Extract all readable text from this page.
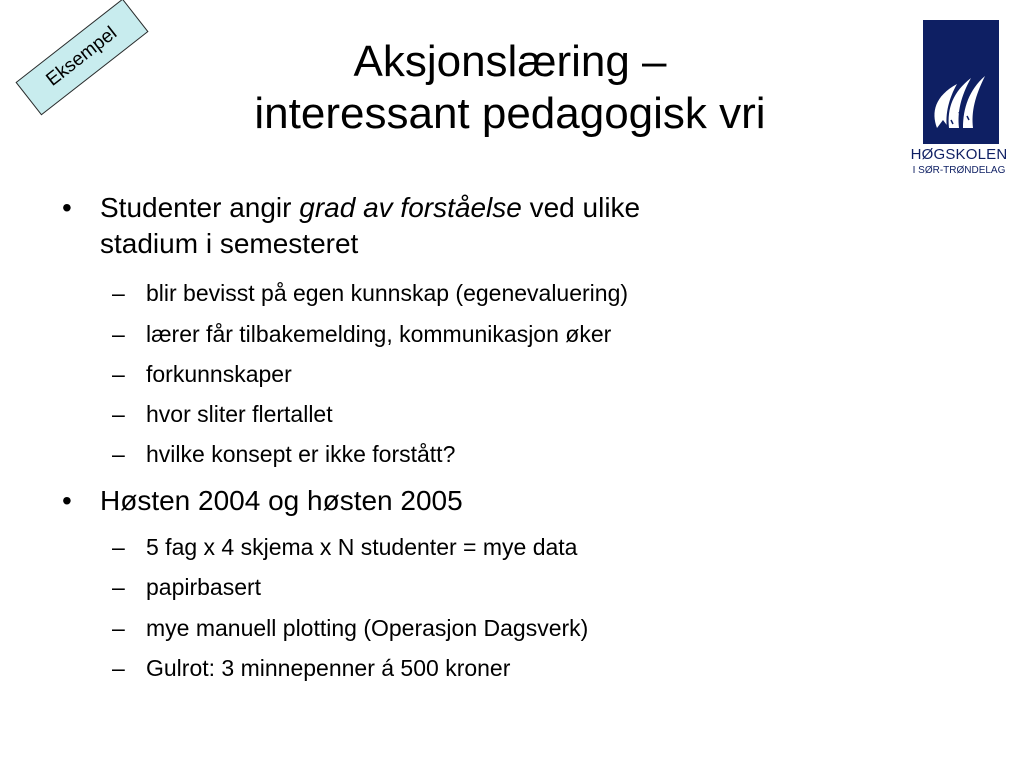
Eksempel	Aksjonslæring –
interessant pedagogisk vri
HØGSKOLEN
I SØR-TRØNDELAG
• Studenter angir grad av forståelse ved ulike stadium i semesteret
– blir bevisst på egen kunnskap (egenevaluering)
– lærer får tilbakemelding, kommunikasjon øker
– forkunnskaper
– hvor sliter flertallet
– hvilke konsept er ikke forstått?
• Høsten 2004 og høsten 2005
– 5 fag x 4 skjema x N studenter = mye data
– papirbasert
– mye manuell plotting (Operasjon Dagsverk)
– Gulrot: 3 minnepenner á 500 kroner
